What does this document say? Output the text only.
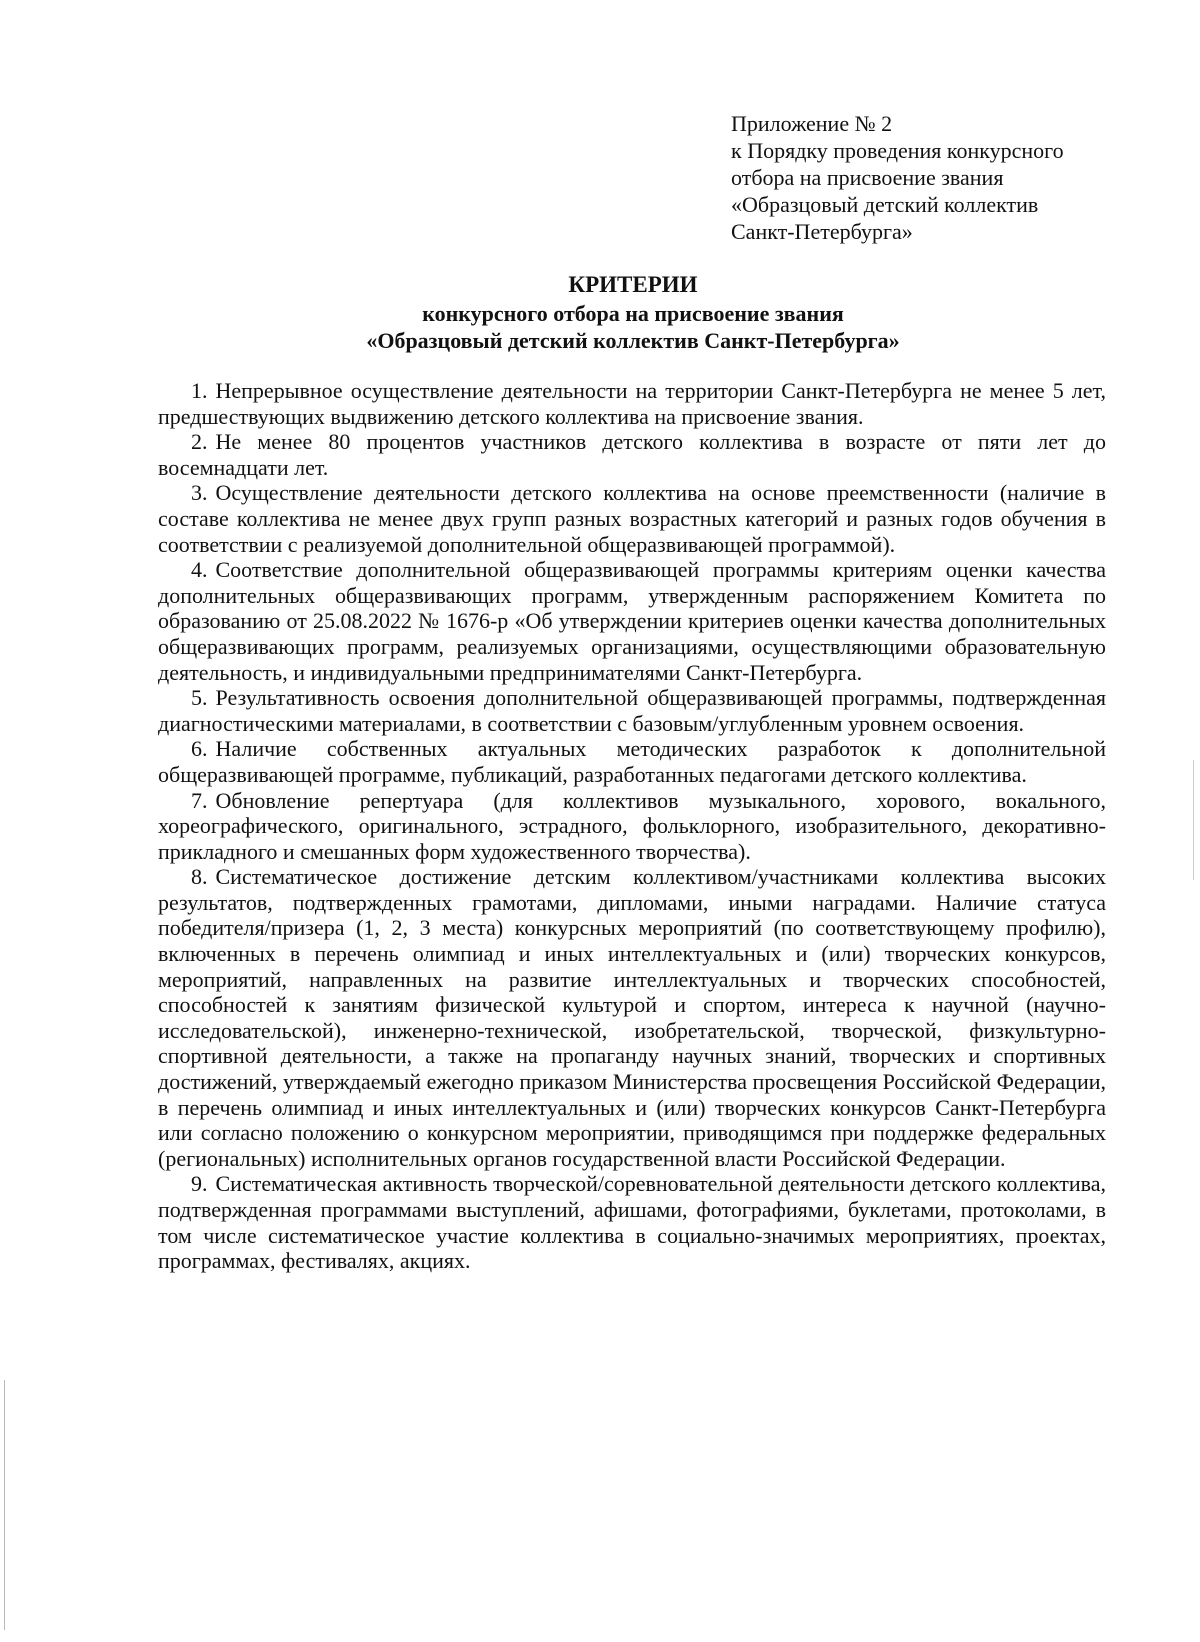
Приложение № 2
к Порядку проведения конкурсного
отбора на присвоение звания
«Образцовый детский коллектив
Санкт-Петербурга»
КРИТЕРИИ
конкурсного отбора на присвоение звания
«Образцовый детский коллектив Санкт-Петербурга»

1. Непрерывное осуществление деятельности на территории Санкт-Петербурга не менее 5 лет, предшествующих выдвижению детского коллектива на присвоение звания.

2. Не менее 80 процентов участников детского коллектива в возрасте от пяти лет до восемнадцати лет.

3. Осуществление деятельности детского коллектива на основе преемственности (наличие в составе коллектива не менее двух групп разных возрастных категорий и разных годов обучения в соответствии с реализуемой дополнительной общеразвивающей программой).

4. Соответствие дополнительной общеразвивающей программы критериям оценки качества дополнительных общеразвивающих программ, утвержденным распоряжением Комитета по образованию от 25.08.2022 № 1676-р «Об утверждении критериев оценки качества дополнительных общеразвивающих программ, реализуемых организациями, осуществляющими образовательную деятельность, и индивидуальными предпринимателями Санкт-Петербурга.

5. Результативность освоения дополнительной общеразвивающей программы, подтвержденная диагностическими материалами, в соответствии с базовым/углубленным уровнем освоения.

6. Наличие собственных актуальных методических разработок к дополнительной общеразвивающей программе, публикаций, разработанных педагогами детского коллектива.

7. Обновление репертуара (для коллективов музыкального, хорового, вокального, хореографического, оригинального, эстрадного, фольклорного, изобразительного, декоративно-прикладного и смешанных форм художественного творчества).

8. Систематическое достижение детским коллективом/участниками коллектива высоких результатов, подтвержденных грамотами, дипломами, иными наградами. Наличие статуса победителя/призера (1, 2, 3 места) конкурсных мероприятий (по соответствующему профилю), включенных в перечень олимпиад и иных интеллектуальных и (или) творческих конкурсов, мероприятий, направленных на развитие интеллектуальных и творческих способностей, способностей к занятиям физической культурой и спортом, интереса к научной (научно-исследовательской), инженерно-технической, изобретательской, творческой, физкультурно-спортивной деятельности, а также на пропаганду научных знаний, творческих и спортивных достижений, утверждаемый ежегодно приказом Министерства просвещения Российской Федерации, в перечень олимпиад и иных интеллектуальных и (или) творческих конкурсов Санкт-Петербурга или согласно положению о конкурсном мероприятии, приводящимся при поддержке федеральных (региональных) исполнительных органов государственной власти Российской Федерации.

9. Систематическая активность творческой/соревновательной деятельности детского коллектива, подтвержденная программами выступлений, афишами, фотографиями, буклетами, протоколами, в том числе систематическое участие коллектива в социально-значимых мероприятиях, проектах, программах, фестивалях, акциях.
